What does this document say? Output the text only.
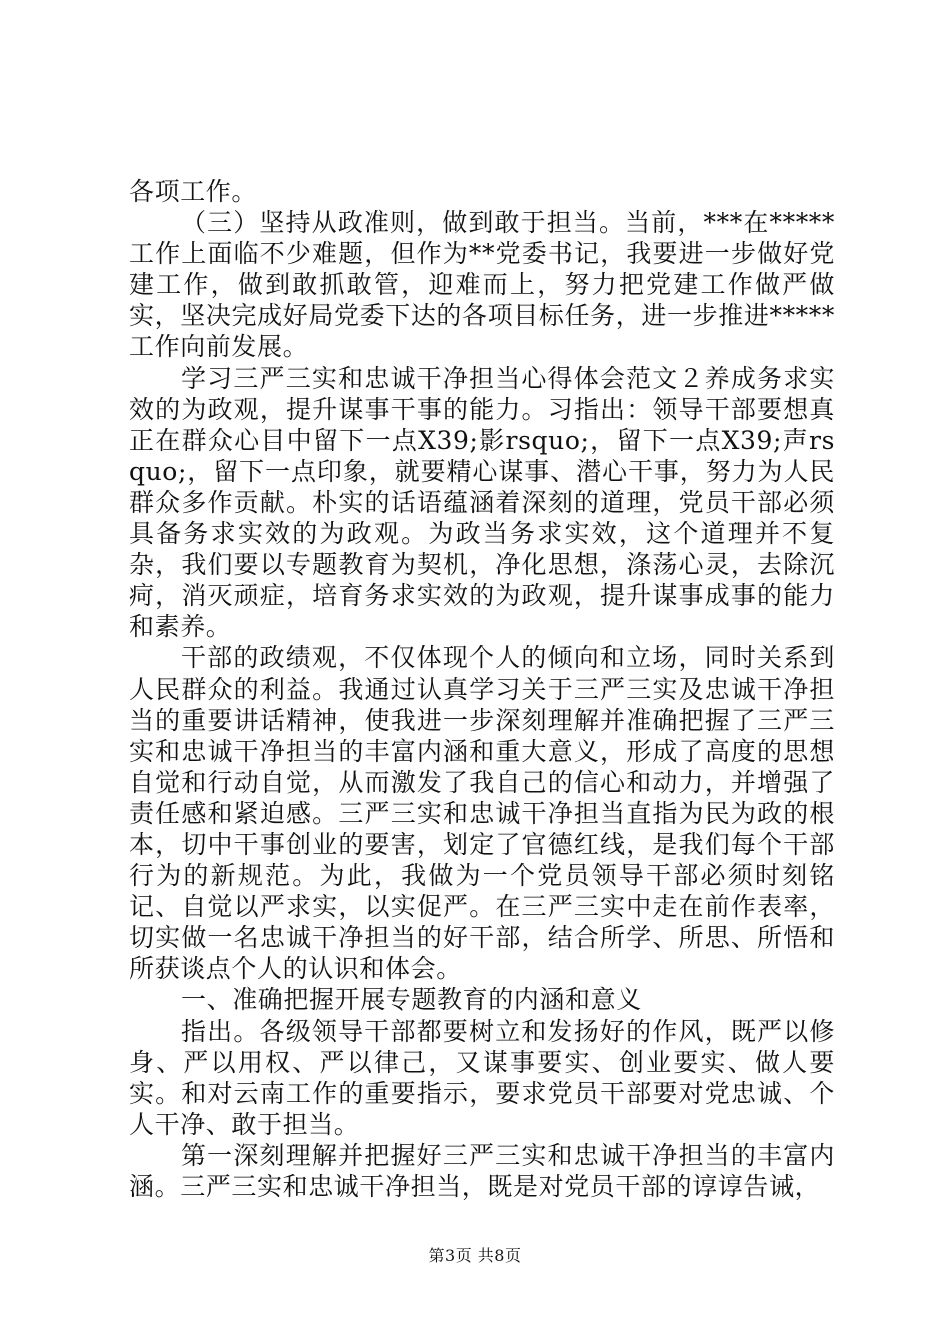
各项工作。

（三）坚持从政准则，做到敢于担当。当前，***在*****工作上面临不少难题，但作为**党委书记，我要进一步做好党建工作，做到敢抓敢管，迎难而上，努力把党建工作做严做实，坚决完成好局党委下达的各项目标任务，进一步推进*****工作向前发展。

学习三严三实和忠诚干净担当心得体会范文２养成务求实效的为政观，提升谋事干事的能力。习指出：领导干部要想真正在群众心目中留下一点X39;影rsquo;，留下一点X39;声rsquo;，留下一点印象，就要精心谋事、潜心干事，努力为人民群众多作贡献。朴实的话语蕴涵着深刻的道理，党员干部必须具备务求实效的为政观。为政当务求实效，这个道理并不复杂，我们要以专题教育为契机，净化思想，涤荡心灵，去除沉疴，消灭顽症，培育务求实效的为政观，提升谋事成事的能力和素养。

干部的政绩观，不仅体现个人的倾向和立场，同时关系到人民群众的利益。我通过认真学习关于三严三实及忠诚干净担当的重要讲话精神，使我进一步深刻理解并准确把握了三严三实和忠诚干净担当的丰富内涵和重大意义，形成了高度的思想自觉和行动自觉，从而激发了我自己的信心和动力，并增强了责任感和紧迫感。三严三实和忠诚干净担当直指为民为政的根本，切中干事创业的要害，划定了官德红线，是我们每个干部行为的新规范。为此，我做为一个党员领导干部必须时刻铭记、自觉以严求实，以实促严。在三严三实中走在前作表率，切实做一名忠诚干净担当的好干部，结合所学、所思、所悟和所获谈点个人的认识和体会。

一、准确把握开展专题教育的内涵和意义

指出。各级领导干部都要树立和发扬好的作风，既严以修身、严以用权、严以律己，又谋事要实、创业要实、做人要实。和对云南工作的重要指示，要求党员干部要对党忠诚、个人干净、敢于担当。

第一深刻理解并把握好三严三实和忠诚干净担当的丰富内涵。三严三实和忠诚干净担当，既是对党员干部的谆谆告诫，

第3页 共8页
